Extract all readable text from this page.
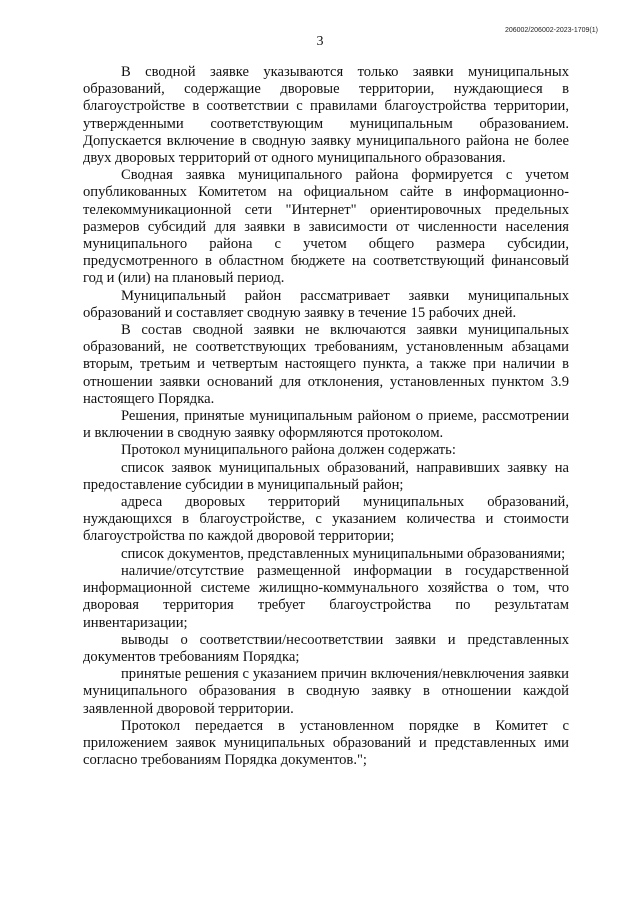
206002/206002-2023-1709(1)
3

В сводной заявке указываются только заявки муниципальных образований, содержащие дворовые территории, нуждающиеся в благоустройстве в соответствии с правилами благоустройства территории, утвержденными соответствующим муниципальным образованием. Допускается включение в сводную заявку муниципального района не более двух дворовых территорий от одного муниципального образования.

Сводная заявка муниципального района формируется с учетом опубликованных Комитетом на официальном сайте в информационно-телекоммуникационной сети "Интернет" ориентировочных предельных размеров субсидий для заявки в зависимости от численности населения муниципального района с учетом общего размера субсидии, предусмотренного в областном бюджете на соответствующий финансовый год и (или) на плановый период.

Муниципальный район рассматривает заявки муниципальных образований и составляет сводную заявку в течение 15 рабочих дней.

В состав сводной заявки не включаются заявки муниципальных образований, не соответствующих требованиям, установленным абзацами вторым, третьим и четвертым настоящего пункта, а также при наличии в отношении заявки оснований для отклонения, установленных пунктом 3.9 настоящего Порядка.

Решения, принятые муниципальным районом о приеме, рассмотрении и включении в сводную заявку оформляются протоколом.

Протокол муниципального района должен содержать:

список заявок муниципальных образований, направивших заявку на предоставление субсидии в муниципальный район;

адреса дворовых территорий муниципальных образований, нуждающихся в благоустройстве, с указанием количества и стоимости благоустройства по каждой дворовой территории;

список документов, представленных муниципальными образованиями;

наличие/отсутствие размещенной информации в государственной информационной системе жилищно-коммунального хозяйства о том, что дворовая территория требует благоустройства по результатам инвентаризации;

выводы о соответствии/несоответствии заявки и представленных документов требованиям Порядка;

принятые решения с указанием причин включения/невключения заявки муниципального образования в сводную заявку в отношении каждой заявленной дворовой территории.

Протокол передается в установленном порядке в Комитет с приложением заявок муниципальных образований и представленных ими согласно требованиям Порядка документов.";
